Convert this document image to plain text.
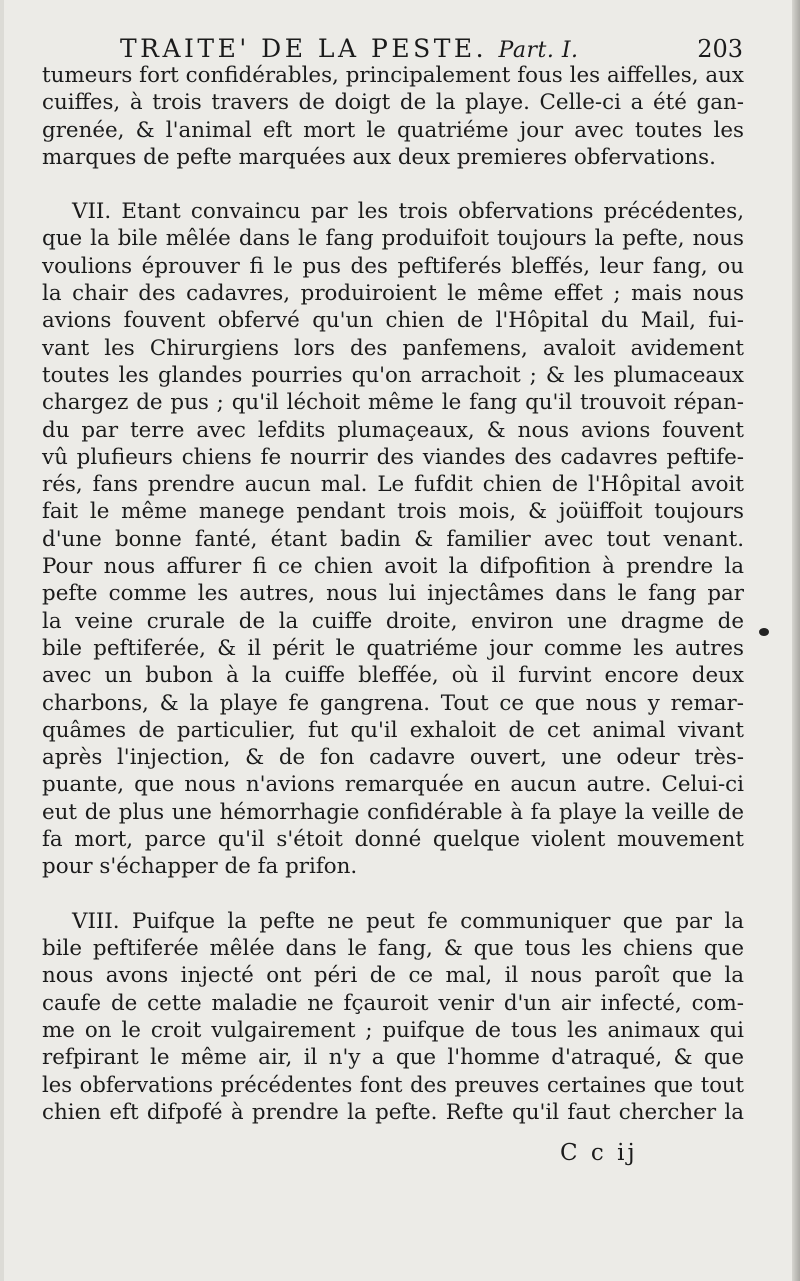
TRAITE' DE LA PESTE. Part. I.	203
tumeurs fort confidérables, principalement fous les aiffelles, aux
cuiffes, à trois travers de doigt de la playe. Celle-ci a été gan-
grenée, & l'animal eft mort le quatriéme jour avec toutes les
marques de pefte marquées aux deux premieres obfervations.
VII. Etant convaincu par les trois obfervations précédentes,
que la bile mêlée dans le fang produifoit toujours la pefte, nous
voulions éprouver fi le pus des peftiferés bleffés, leur fang, ou
la chair des cadavres, produiroient le même effet ; mais nous
avions fouvent obfervé qu'un chien de l'Hôpital du Mail, fui-
vant les Chirurgiens lors des panfemens, avaloit avidement
toutes les glandes pourries qu'on arrachoit ; & les plumaceaux
chargez de pus ; qu'il léchoit même le fang qu'il trouvoit répan-
du par terre avec lefdits plumaçeaux, & nous avions fouvent
vû plufieurs chiens fe nourrir des viandes des cadavres peftife-
rés, fans prendre aucun mal. Le fufdit chien de l'Hôpital avoit
fait le même manege pendant trois mois, & joüiffoit toujours
d'une bonne fanté, étant badin & familier avec tout venant.
Pour nous affurer fi ce chien avoit la difpofition à prendre la
pefte comme les autres, nous lui injectâmes dans le fang par
la veine crurale de la cuiffe droite, environ une dragme de
bile peftiferée, & il périt le quatriéme jour comme les autres
avec un bubon à la cuiffe bleffée, où il furvint encore deux
charbons, & la playe fe gangrena. Tout ce que nous y remar-
quâmes de particulier, fut qu'il exhaloit de cet animal vivant
après l'injection, & de fon cadavre ouvert, une odeur très-
puante, que nous n'avions remarquée en aucun autre. Celui-ci
eut de plus une hémorrhagie confidérable à fa playe la veille de
fa mort, parce qu'il s'étoit donné quelque violent mouvement
pour s'échapper de fa prifon.
VIII. Puifque la pefte ne peut fe communiquer que par la
bile peftiferée mêlée dans le fang, & que tous les chiens que
nous avons injecté ont péri de ce mal, il nous paroît que la
caufe de cette maladie ne fçauroit venir d'un air infecté, com-
me on le croit vulgairement ; puifque de tous les animaux qui
refpirant le même air, il n'y a que l'homme d'atraqué, & que
les obfervations précédentes font des preuves certaines que tout
chien eft difpofé à prendre la pefte. Refte qu'il faut chercher la
C c ij
